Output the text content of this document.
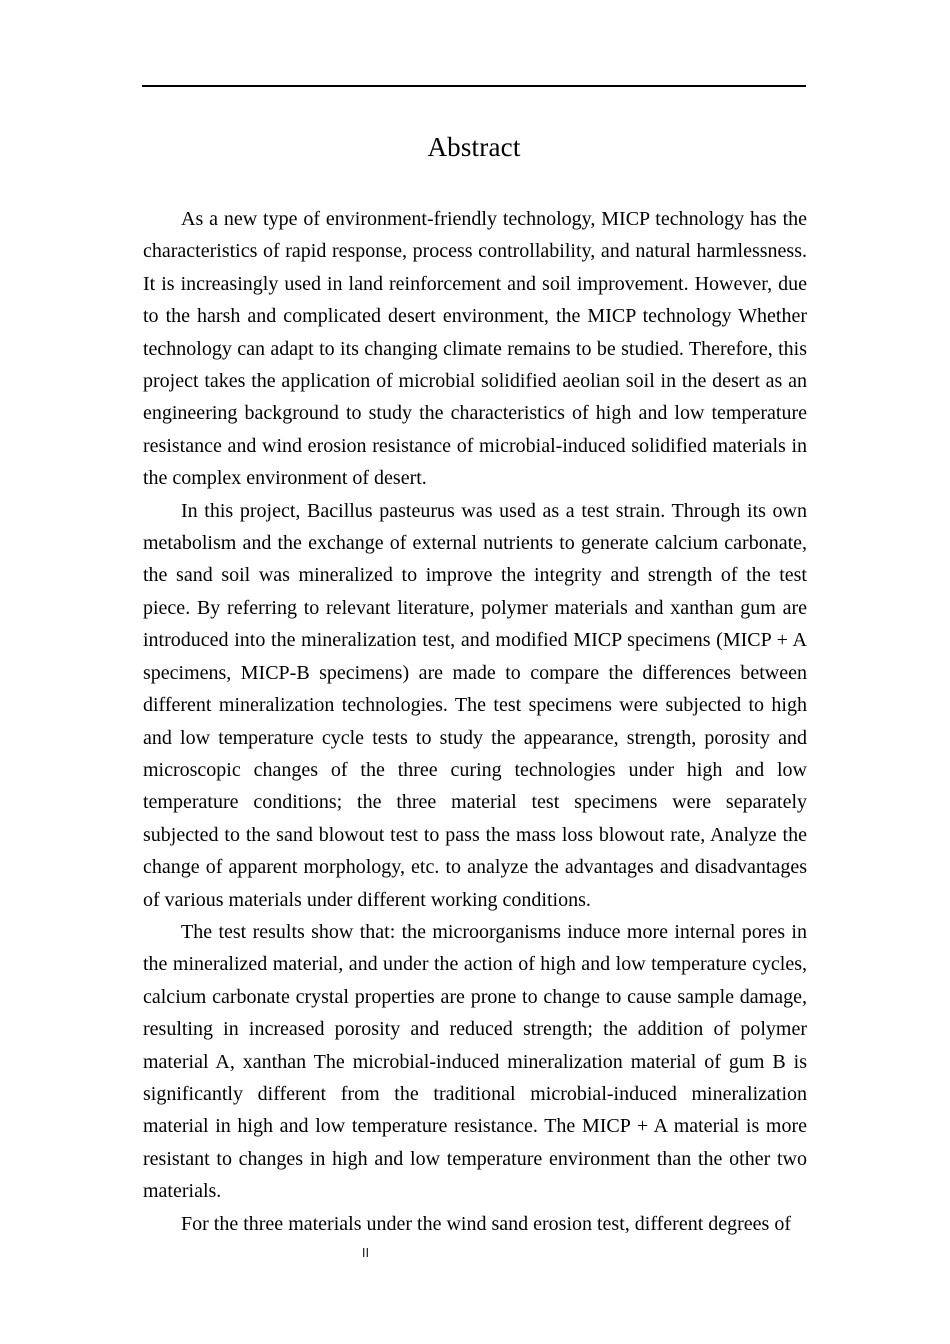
Abstract

As a new type of environment-friendly technology, MICP technology has the characteristics of rapid response, process controllability, and natural harmlessness. It is increasingly used in land reinforcement and soil improvement. However, due to the harsh and complicated desert environment, the MICP technology Whether technology can adapt to its changing climate remains to be studied. Therefore, this project takes the application of microbial solidified aeolian soil in the desert as an engineering background to study the characteristics of high and low temperature resistance and wind erosion resistance of microbial-induced solidified materials in the complex environment of desert.

In this project, Bacillus pasteurus was used as a test strain. Through its own metabolism and the exchange of external nutrients to generate calcium carbonate, the sand soil was mineralized to improve the integrity and strength of the test piece. By referring to relevant literature, polymer materials and xanthan gum are introduced into the mineralization test, and modified MICP specimens (MICP + A specimens, MICP-B specimens) are made to compare the differences between different mineralization technologies. The test specimens were subjected to high and low temperature cycle tests to study the appearance, strength, porosity and microscopic changes of the three curing technologies under high and low temperature conditions; the three material test specimens were separately subjected to the sand blowout test to pass the mass loss blowout rate, Analyze the change of apparent morphology, etc. to analyze the advantages and disadvantages of various materials under different working conditions.

The test results show that: the microorganisms induce more internal pores in the mineralized material, and under the action of high and low temperature cycles, calcium carbonate crystal properties are prone to change to cause sample damage, resulting in increased porosity and reduced strength; the addition of polymer material A, xanthan The microbial-induced mineralization material of gum B is significantly different from the traditional microbial-induced mineralization material in high and low temperature resistance. The MICP + A material is more resistant to changes in high and low temperature environment than the other two materials.

For the three materials under the wind sand erosion test, different degrees of

II
